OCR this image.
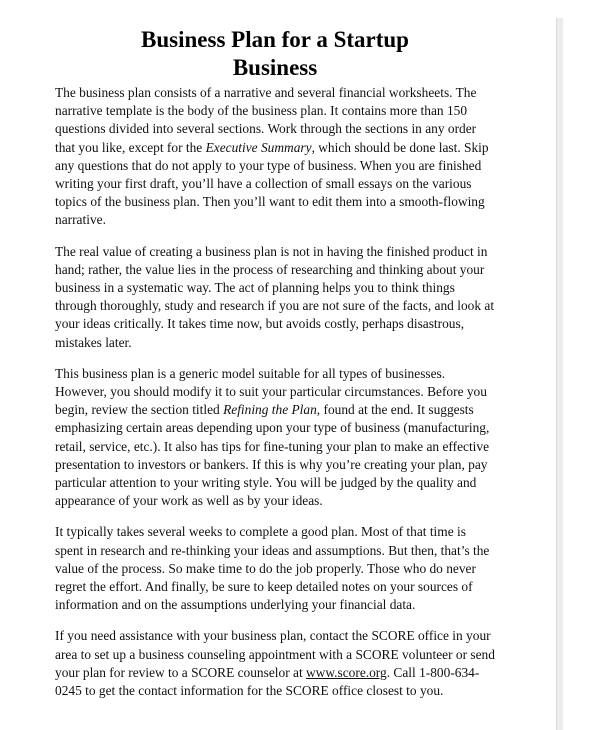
Business Plan for a Startup Business

The business plan consists of a narrative and several financial worksheets. The narrative template is the body of the business plan. It contains more than 150 questions divided into several sections. Work through the sections in any order that you like, except for the Executive Summary, which should be done last. Skip any questions that do not apply to your type of business. When you are finished writing your first draft, you’ll have a collection of small essays on the various topics of the business plan. Then you’ll want to edit them into a smooth-flowing narrative.

The real value of creating a business plan is not in having the finished product in hand; rather, the value lies in the process of researching and thinking about your business in a systematic way. The act of planning helps you to think things through thoroughly, study and research if you are not sure of the facts, and look at your ideas critically. It takes time now, but avoids costly, perhaps disastrous, mistakes later.

This business plan is a generic model suitable for all types of businesses. However, you should modify it to suit your particular circumstances. Before you begin, review the section titled Refining the Plan, found at the end. It suggests emphasizing certain areas depending upon your type of business (manufacturing, retail, service, etc.). It also has tips for fine-tuning your plan to make an effective presentation to investors or bankers. If this is why you’re creating your plan, pay particular attention to your writing style. You will be judged by the quality and appearance of your work as well as by your ideas.

It typically takes several weeks to complete a good plan. Most of that time is spent in research and re-thinking your ideas and assumptions. But then, that’s the value of the process. So make time to do the job properly. Those who do never regret the effort. And finally, be sure to keep detailed notes on your sources of information and on the assumptions underlying your financial data.

If you need assistance with your business plan, contact the SCORE office in your area to set up a business counseling appointment with a SCORE volunteer or send your plan for review to a SCORE counselor at www.score.org. Call 1-800-634-0245 to get the contact information for the SCORE office closest to you.
